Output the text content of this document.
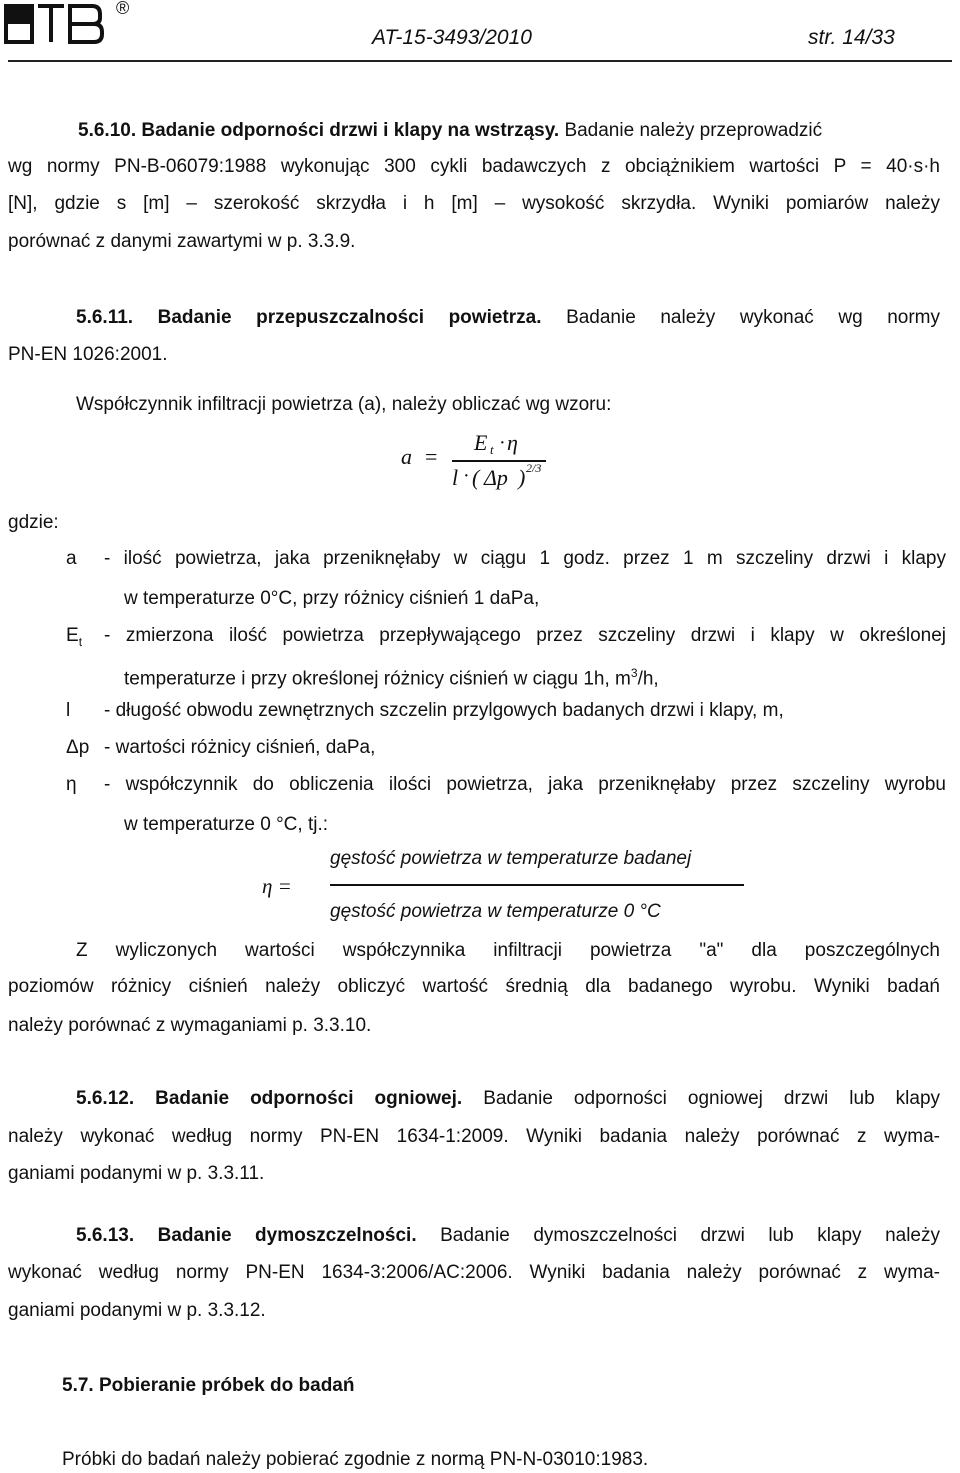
®
AT-15-3493/2010	str. 14/33
5.6.10. Badanie odporności drzwi i klapy na wstrząsy. Badanie należy przeprowadzić
wg normy PN-B-06079:1988 wykonując 300 cykli badawczych z obciążnikiem wartości P = 40·s·h
[N], gdzie s [m] – szerokość skrzydła i h [m] – wysokość skrzydła. Wyniki pomiarów należy
porównać z danymi zawartymi w p. 3.3.9.
5.6.11. Badanie przepuszczalności powietrza. Badanie należy wykonać wg normy
PN-EN 1026:2001.
Współczynnik infiltracji powietrza (a), należy obliczać wg wzoru:
a =
E t · η
l · ( Δp ) 2/3
gdzie:
a	- ilość powietrza, jaka przeniknęłaby w ciągu 1 godz. przez 1 m szczeliny drzwi i klapy
w temperaturze 0°C, przy różnicy ciśnień 1 daPa,
$E_t$	- zmierzona ilość powietrza przepływającego przez szczeliny drzwi i klapy w określonej
temperaturze i przy określonej różnicy ciśnień w ciągu 1h, $m^3/h$,
l	- długość obwodu zewnętrznych szczelin przylgowych badanych drzwi i klapy, m,
Δp - wartości różnicy ciśnień, daPa,
η	- współczynnik do obliczenia ilości powietrza, jaka przeniknęłaby przez szczeliny wyrobu
w temperaturze 0 °C, tj.:
η =
gęstość powietrza w temperaturze badanej
gęstość powietrza w temperaturze 0 °C
Z wyliczonych wartości współczynnika infiltracji powietrza "a" dla poszczególnych
poziomów różnicy ciśnień należy obliczyć wartość średnią dla badanego wyrobu. Wyniki badań
należy porównać z wymaganiami p. 3.3.10.
5.6.12. Badanie odporności ogniowej. Badanie odporności ogniowej drzwi lub klapy
należy wykonać według normy PN-EN 1634-1:2009. Wyniki badania należy porównać z wyma-
ganiami podanymi w p. 3.3.11.
5.6.13. Badanie dymoszczelności. Badanie dymoszczelności drzwi lub klapy należy
wykonać według normy PN-EN 1634-3:2006/AC:2006. Wyniki badania należy porównać z wyma-
ganiami podanymi w p. 3.3.12.
5.7. Pobieranie próbek do badań
Próbki do badań należy pobierać zgodnie z normą PN-N-03010:1983.
